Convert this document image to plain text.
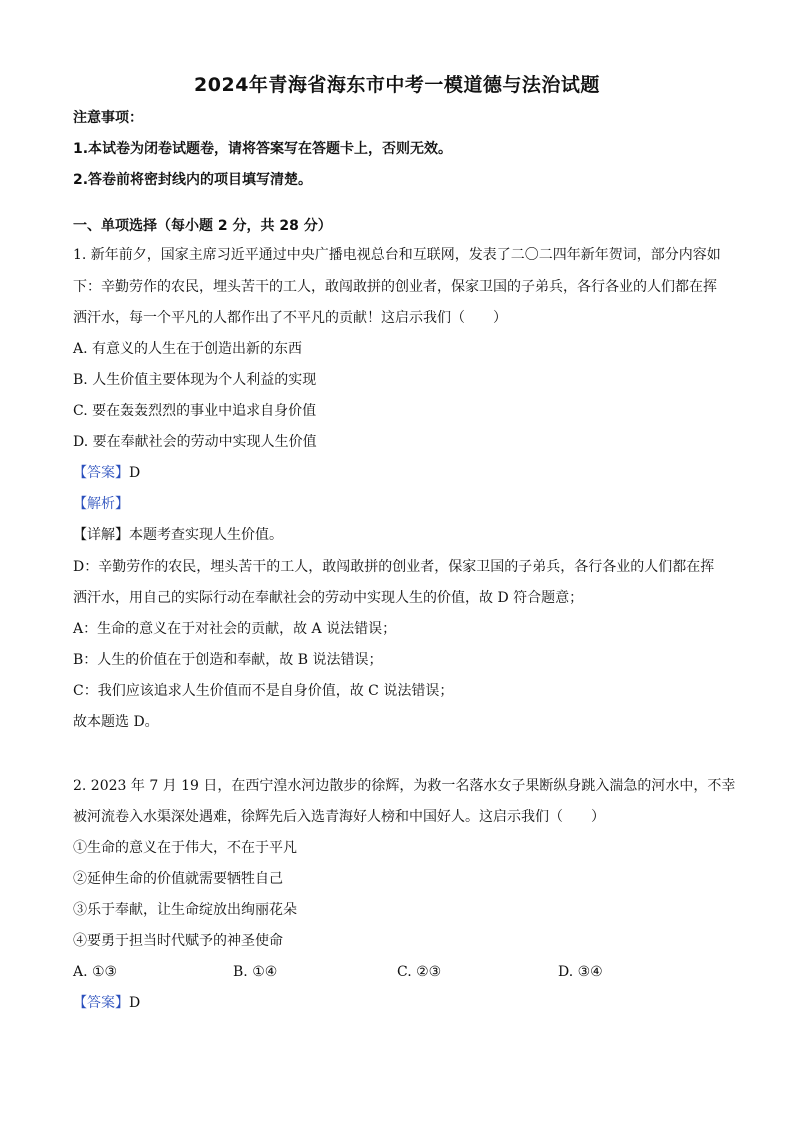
2024年青海省海东市中考一模道德与法治试题
注意事项：
1.本试卷为闭卷试题卷，请将答案写在答题卡上，否则无效。
2.答卷前将密封线内的项目填写清楚。
一、单项选择（每小题 2 分，共 28 分）
1. 新年前夕，国家主席习近平通过中央广播电视总台和互联网，发表了二〇二四年新年贺词，部分内容如
下：辛勤劳作的农民，埋头苦干的工人，敢闯敢拼的创业者，保家卫国的子弟兵，各行各业的人们都在挥
洒汗水，每一个平凡的人都作出了不平凡的贡献！这启示我们（　　）
A. 有意义的人生在于创造出新的东西
B. 人生价值主要体现为个人利益的实现
C. 要在轰轰烈烈的事业中追求自身价值
D. 要在奉献社会的劳动中实现人生价值
【答案】D
【解析】
【详解】本题考查实现人生价值。
D：辛勤劳作的农民，埋头苦干的工人，敢闯敢拼的创业者，保家卫国的子弟兵，各行各业的人们都在挥
洒汗水，用自己的实际行动在奉献社会的劳动中实现人生的价值，故 D 符合题意；
A：生命的意义在于对社会的贡献，故 A 说法错误；
B：人生的价值在于创造和奉献，故 B 说法错误；
C：我们应该追求人生价值而不是自身价值，故 C 说法错误；
故本题选 D。
2. 2023 年 7 月 19 日，在西宁湟水河边散步的徐辉，为救一名落水女子果断纵身跳入湍急的河水中，不幸
被河流卷入水渠深处遇难，徐辉先后入选青海好人榜和中国好人。这启示我们（　　）
①生命的意义在于伟大，不在于平凡
②延伸生命的价值就需要牺牲自己
③乐于奉献，让生命绽放出绚丽花朵
④要勇于担当时代赋予的神圣使命
A. ①③	B. ①④	C. ②③	D. ③④
【答案】D
